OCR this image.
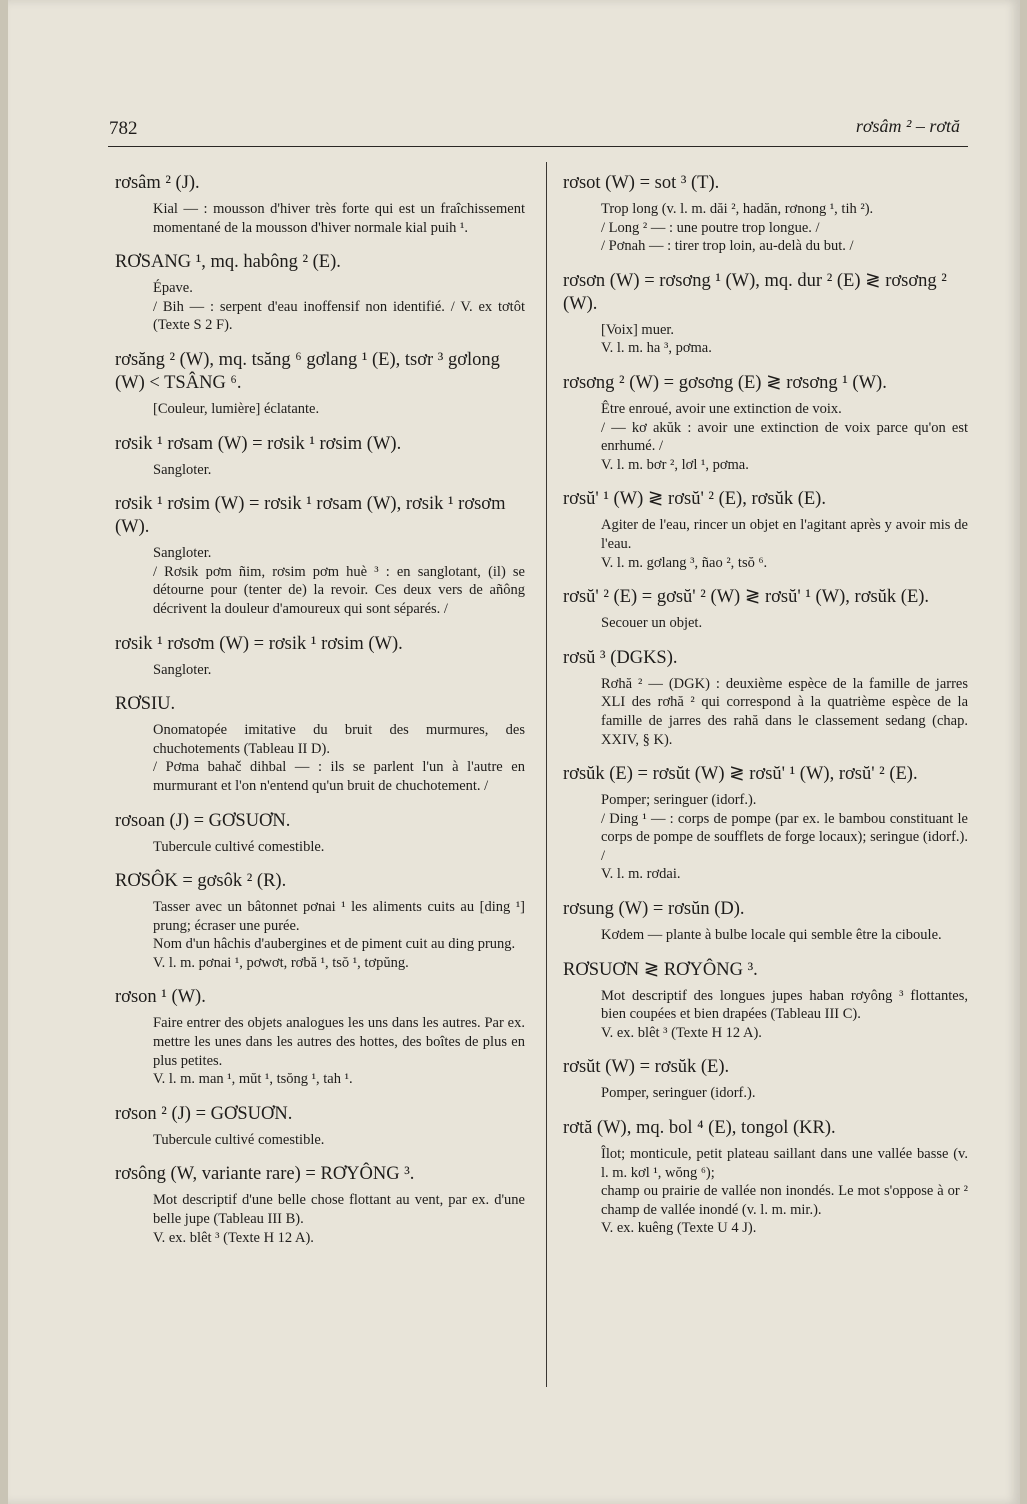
782	rơsâm ² – rơtă
rơsâm ² (J).

Kial — : mousson d'hiver très forte qui est un fraîchissement momentané de la mousson d'hiver normale kial puih ¹.

RƠSANG ¹, mq. habông ² (E).

Épave.

/ Bih — : serpent d'eau inoffensif non identifié. / V. ex tơtôt (Texte S 2 F).

rơsăng ² (W), mq. tsăng ⁶ gơlang ¹ (E), tsơr ³ gơlong (W) < TSÂNG ⁶.

[Couleur, lumière] éclatante.

rơsik ¹ rơsam (W) = rơsik ¹ rơsim (W).

Sangloter.

rơsik ¹ rơsim (W) = rơsik ¹ rơsam (W), rơsik ¹ rơsơm (W).

Sangloter.

/ Rơsik pơm ñim, rơsim pơm huè ³ : en sanglotant, (il) se détourne pour (tenter de) la revoir. Ces deux vers de añông décrivent la douleur d'amoureux qui sont séparés. /

rơsik ¹ rơsơm (W) = rơsik ¹ rơsim (W).

Sangloter.

RƠSIU.

Onomatopée imitative du bruit des murmures, des chuchotements (Tableau II D).

/ Pơma bahač dihbal — : ils se parlent l'un à l'autre en murmurant et l'on n'entend qu'un bruit de chuchotement. /

rơsoan (J) = GƠSUƠN.

Tubercule cultivé comestible.

RƠSÔK = gơsôk ² (R).

Tasser avec un bâtonnet pơnai ¹ les aliments cuits au [ding ¹] prung; écraser une purée.

Nom d'un hâchis d'aubergines et de piment cuit au ding prung.

V. l. m. pơnai ¹, pơwơt, rơbă ¹, tsŏ ¹, tơpŭng.

rơson ¹ (W).

Faire entrer des objets analogues les uns dans les autres. Par ex. mettre les unes dans les autres des hottes, des boîtes de plus en plus petites.

V. l. m. man ¹, mŭt ¹, tsŏng ¹, tah ¹.

rơson ² (J) = GƠSUƠN.

Tubercule cultivé comestible.

rơsông (W, variante rare) = RƠYÔNG ³.

Mot descriptif d'une belle chose flottant au vent, par ex. d'une belle jupe (Tableau III B).

V. ex. blêt ³ (Texte H 12 A).

rơsot (W) = sot ³ (T).

Trop long (v. l. m. dăi ², hadăn, rơnong ¹, tih ²).

/ Long ² — : une poutre trop longue. /

/ Pơnah — : tirer trop loin, au-delà du but. /

rơsơn (W) = rơsơng ¹ (W), mq. dur ² (E) ≷ rơsơng ² (W).

[Voix] muer.

V. l. m. ha ³, pơma.

rơsơng ² (W) = gơsơng (E) ≷ rơsơng ¹ (W).

Être enroué, avoir une extinction de voix.

/ — kơ akŭk : avoir une extinction de voix parce qu'on est enrhumé. /

V. l. m. bơr ², lơl ¹, pơma.

rơsŭ' ¹ (W) ≷ rơsŭ' ² (E), rơsŭk (E).

Agiter de l'eau, rincer un objet en l'agitant après y avoir mis de l'eau.

V. l. m. gơlang ³, ñao ², tsŏ ⁶.

rơsŭ' ² (E) = gơsŭ' ² (W) ≷ rơsŭ' ¹ (W), rơsŭk (E).

Secouer un objet.

rơsŭ ³ (DGKS).

Rơhă ² — (DGK) : deuxième espèce de la famille de jarres XLI des rơhă ² qui correspond à la quatrième espèce de la famille de jarres des rahă dans le classement sedang (chap. XXIV, § K).

rơsŭk (E) = rơsŭt (W) ≷ rơsŭ' ¹ (W), rơsŭ' ² (E).

Pomper; seringuer (idorf.).

/ Ding ¹ — : corps de pompe (par ex. le bambou constituant le corps de pompe de soufflets de forge locaux); seringue (idorf.). /

V. l. m. rơdai.

rơsung (W) = rơsŭn (D).

Kơdem — plante à bulbe locale qui semble être la ciboule.

RƠSUƠN ≷ RƠYÔNG ³.

Mot descriptif des longues jupes haban rơyông ³ flottantes, bien coupées et bien drapées (Tableau III C).

V. ex. blêt ³ (Texte H 12 A).

rơsŭt (W) = rơsŭk (E).

Pomper, seringuer (idorf.).

rơtă (W), mq. bol ⁴ (E), tongol (KR).

Îlot; monticule, petit plateau saillant dans une vallée basse (v. l. m. kơl ¹, wŏng ⁶);

champ ou prairie de vallée non inondés. Le mot s'oppose à or ² champ de vallée inondé (v. l. m. mir.).

V. ex. kuêng (Texte U 4 J).
